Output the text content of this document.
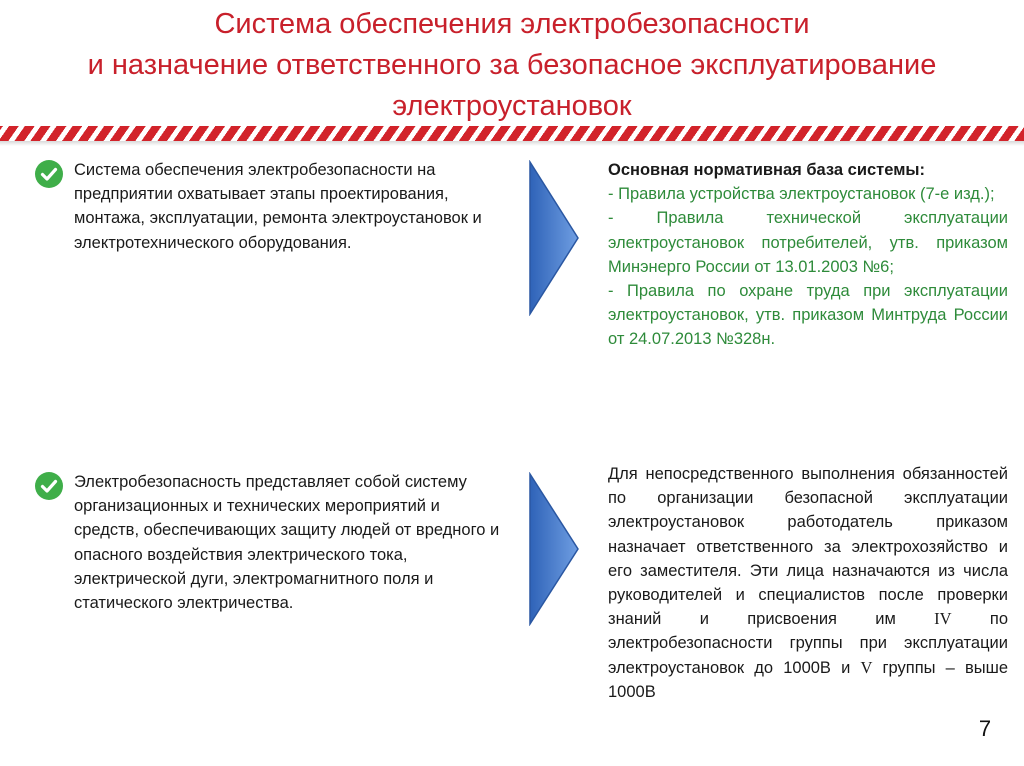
Система обеспечения электробезопасности
и назначение ответственного за безопасное эксплуатирование
электроустановок
Система обеспечения электробезопасности на предприятии охватывает этапы проектирования, монтажа, эксплуатации, ремонта электроустановок и электротехнического оборудования.
Основная нормативная база системы:
- Правила устройства электроустановок (7-е изд.);
- Правила технической эксплуатации электроустановок потребителей, утв. приказом Минэнерго России от 13.01.2003 №6;
- Правила по охране труда при эксплуатации электроустановок, утв. приказом Минтруда России от 24.07.2013 №328н.
Электробезопасность представляет собой систему организационных и технических мероприятий и средств, обеспечивающих защиту людей от вредного и опасного воздействия электрического тока, электрической дуги, электромагнитного поля и статического электричества.
Для непосредственного выполнения обязанностей по организации безопасной эксплуатации электроустановок работодатель приказом назначает ответственного за электрохозяйство и его заместителя. Эти лица назначаются из числа руководителей и специалистов после проверки знаний и присвоения им IV по электробезопасности группы при эксплуатации электроустановок до 1000В и V группы – выше 1000В
7
